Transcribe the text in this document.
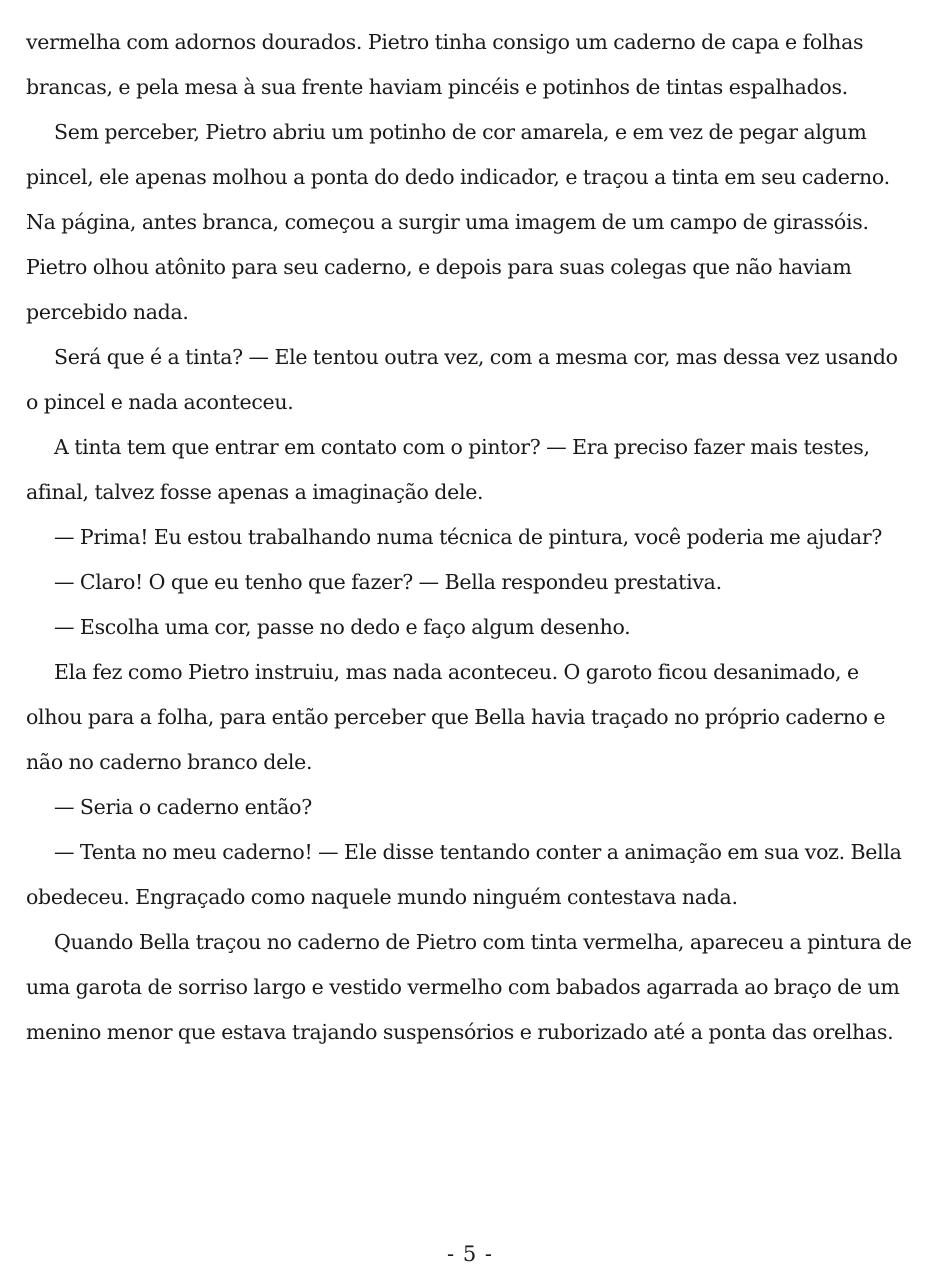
vermelha com adornos dourados. Pietro tinha consigo um caderno de capa e folhas brancas, e pela mesa à sua frente haviam pincéis e potinhos de tintas espalhados.

Sem perceber, Pietro abriu um potinho de cor amarela, e em vez de pegar algum pincel, ele apenas molhou a ponta do dedo indicador, e traçou a tinta em seu caderno. Na página, antes branca, começou a surgir uma imagem de um campo de girassóis. Pietro olhou atônito para seu caderno, e depois para suas colegas que não haviam percebido nada.

Será que é a tinta? — Ele tentou outra vez, com a mesma cor, mas dessa vez usando o pincel e nada aconteceu.

A tinta tem que entrar em contato com o pintor? — Era preciso fazer mais testes, afinal, talvez fosse apenas a imaginação dele.

— Prima! Eu estou trabalhando numa técnica de pintura, você poderia me ajudar?

— Claro! O que eu tenho que fazer? — Bella respondeu prestativa.

— Escolha uma cor, passe no dedo e faço algum desenho.

Ela fez como Pietro instruiu, mas nada aconteceu. O garoto ficou desanimado, e olhou para a folha, para então perceber que Bella havia traçado no próprio caderno e não no caderno branco dele.

— Seria o caderno então?

— Tenta no meu caderno! — Ele disse tentando conter a animação em sua voz. Bella obedeceu. Engraçado como naquele mundo ninguém contestava nada.

Quando Bella traçou no caderno de Pietro com tinta vermelha, apareceu a pintura de uma garota de sorriso largo e vestido vermelho com babados agarrada ao braço de um menino menor que estava trajando suspensórios e ruborizado até a ponta das orelhas.

- 5 -
